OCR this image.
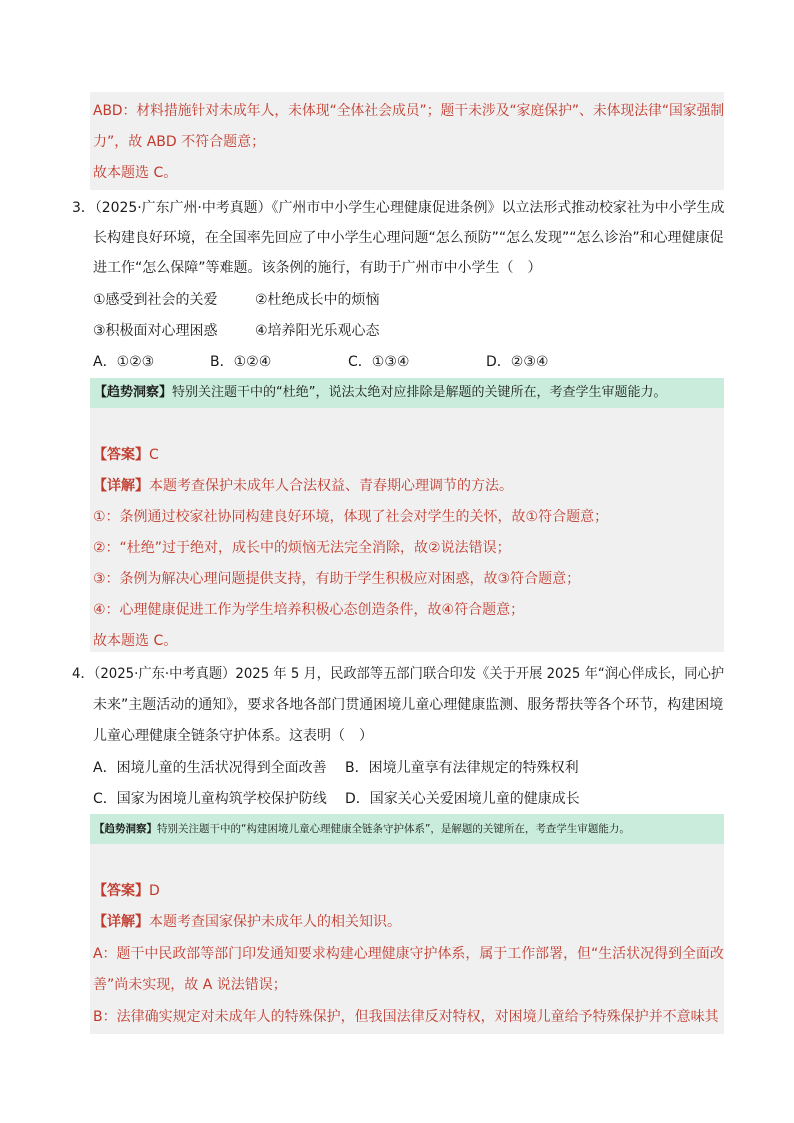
ABD：材料措施针对未成年人，未体现“全体社会成员”；题干未涉及“家庭保护”、未体现法律“国家强制
力”，故 ABD 不符合题意；
故本题选 C。
3．（2025·广东广州·中考真题）《广州市中小学生心理健康促进条例》以立法形式推动校家社为中小学生成
长构建良好环境，在全国率先回应了中小学生心理问题“怎么预防”“怎么发现”“怎么诊治”和心理健康促
进工作“怎么保障”等难题。该条例的施行，有助于广州市中小学生（　）
①感受到社会的关爱	②杜绝成长中的烦恼
③积极面对心理困惑	④培养阳光乐观心态
A．①②③	B．①②④	C．①③④	D．②③④
【趋势洞察】特别关注题干中的“杜绝”，说法太绝对应排除是解题的关键所在，考查学生审题能力。
【答案】C
【详解】本题考查保护未成年人合法权益、青春期心理调节的方法。
①：条例通过校家社协同构建良好环境，体现了社会对学生的关怀，故①符合题意；
②：“杜绝”过于绝对，成长中的烦恼无法完全消除，故②说法错误；
③：条例为解决心理问题提供支持，有助于学生积极应对困惑，故③符合题意；
④：心理健康促进工作为学生培养积极心态创造条件，故④符合题意；
故本题选 C。
4．（2025·广东·中考真题）2025 年 5 月，民政部等五部门联合印发《关于开展 2025 年“润心伴成长，同心护
未来”主题活动的通知》，要求各地各部门贯通困境儿童心理健康监测、服务帮扶等各个环节，构建困境
儿童心理健康全链条守护体系。这表明（　）
A．困境儿童的生活状况得到全面改善 B．困境儿童享有法律规定的特殊权利
C．国家为困境儿童构筑学校保护防线 D．国家关心关爱困境儿童的健康成长
【趋势洞察】特别关注题干中的“构建困境儿童心理健康全链条守护体系”，是解题的关键所在，考查学生审题能力。
【答案】D
【详解】本题考查国家保护未成年人的相关知识。
A：题干中民政部等部门印发通知要求构建心理健康守护体系，属于工作部署，但“生活状况得到全面改
善”尚未实现，故 A 说法错误；
B：法律确实规定对未成年人的特殊保护，但我国法律反对特权，对困境儿童给予特殊保护并不意味其
